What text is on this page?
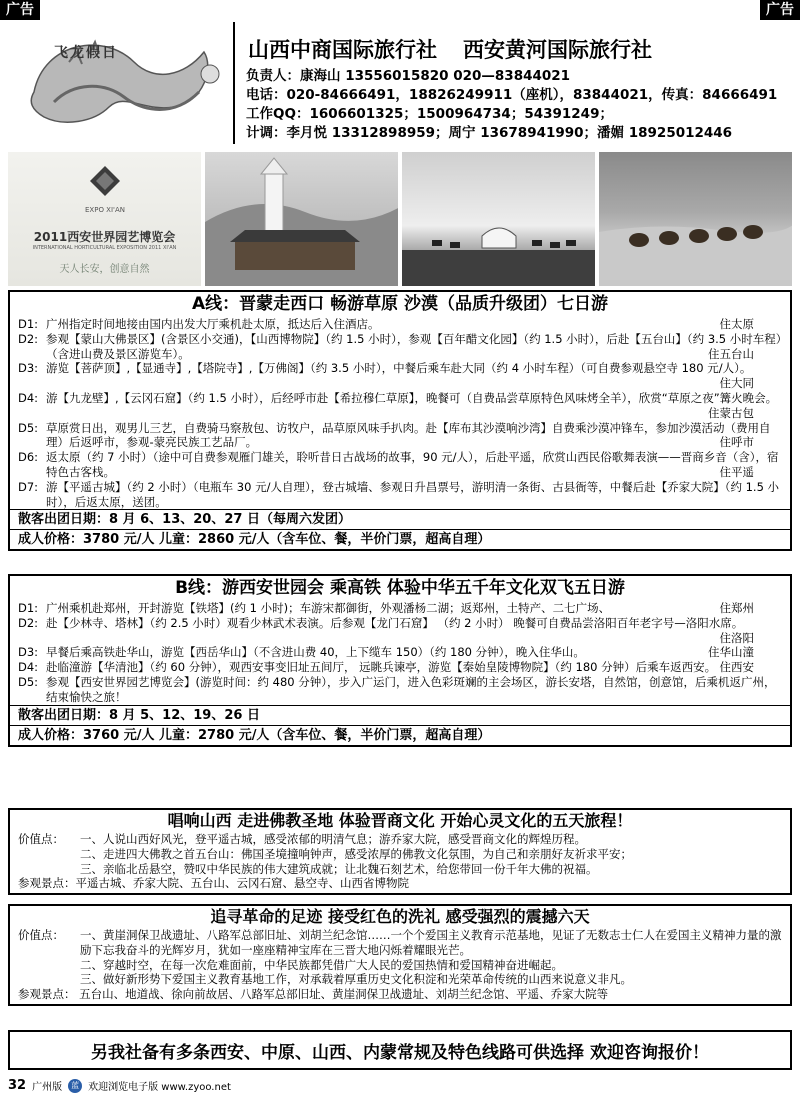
广告	广告
飞龙假日	山西中商国际旅行社 西安黄河国际旅行社
负责人：康海山 13556015820 020—83844021
电话：020-84666491，18826249911（座机），83844021，传真：84666491
工作QQ：1606601325；1500964734；54391249；
计调：李月悦 13312898959；周宁 13678941990；潘媚 18925012446
EXPO XI'AN
2011西安世界园艺博览会
INTERNATIONAL HORTICULTURAL EXPOSITION 2011 XI'AN
天人长安，创意自然
A线：晋蒙走西口 畅游草原 沙漠（品质升级团）七日游
D1: 广州指定时间地接由国内出发大厅乘机赴太原，抵达后入住酒店。	住太原
D2: 参观【蒙山大佛景区】(含景区小交通)，【山西博物院】（约 1.5 小时），参观【百年醋文化园】（约 1.5 小时），后赴【五台山】（约 3.5 小时车程）（含进山费及景区游览车）。	住五台山
D3: 游览【菩萨顶】,【显通寺】,【塔院寺】,【万佛阁】（约 3.5 小时），中餐后乘车赴大同（约 4 小时车程）（可自费参观悬空寺 180 元/人）。
住大同
D4: 游【九龙壁】,【云冈石窟】（约 1.5 小时），后经呼市赴【希拉穆仁草原】，晚餐可（自费品尝草原特色风味烤全羊），欣赏“草原之夜”篝火晚会。
住蒙古包
D5: 草原赏日出，观男儿三艺，自费骑马察敖包、访牧户，品草原风味手扒肉。赴【库布其沙漠响沙湾】自费乘沙漠冲锋车，参加沙漠活动（费用自理）后返呼市，参观-蒙亮民族工艺品厂。	住呼市
D6: 返太原（约 7 小时）（途中可自费参观雁门雄关，聆听昔日古战场的故事，90 元/人），后赴平遥，欣赏山西民俗歌舞表演——晋商乡音（含），宿特色古客栈。	住平遥
D7: 游【平遥古城】（约 2 小时）（电瓶车 30 元/人自理），登古城墙、参观日升昌票号，游明清一条街、古县衙等，中餐后赴【乔家大院】（约 1.5 小时），后返太原，送团。
散客出团日期：8 月 6、13、20、27 日（每周六发团）
成人价格：3780 元/人 儿童：2860 元/人（含车位、餐，半价门票，超高自理）
B线：游西安世园会 乘高铁 体验中华五千年文化双飞五日游
D1: 广州乘机赴郑州，开封游览【铁塔】(约 1 小时)；车游宋都御街，外观潘杨二湖；返郑州，土特产、二七广场、	住郑州
D2: 赴【少林寺、塔林】（约 2.5 小时）观看少林武术表演。后参观【龙门石窟】 （约 2 小时） 晚餐可自费品尝洛阳百年老字号—洛阳水席。
住洛阳
D3: 早餐后乘高铁赴华山，游览【西岳华山】（不含进山费 40，上下缆车 150）（约 180 分钟），晚入住华山。	住华山潼
D4: 赴临潼游【华清池】（约 60 分钟），观西安事变旧址五间厅， 远眺兵谏亭，游览【秦始皇陵博物院】（约 180 分钟）后乘车返西安。 住西安
D5: 参观【西安世界园艺博览会】(游览时间：约 480 分钟），步入广运门，进入色彩斑斓的主会场区，游长安塔，自然馆，创意馆，后乘机返广州，结束愉快之旅！
散客出团日期：8 月 5、12、19、26 日
成人价格：3760 元/人 儿童：2780 元/人（含车位、餐，半价门票，超高自理）
唱响山西 走进佛教圣地 体验晋商文化 开始心灵文化的五天旅程！
价值点：	一、人说山西好风光，登平遥古城，感受浓郁的明清气息；游乔家大院，感受晋商文化的辉煌历程。
二、走进四大佛教之首五台山：佛国圣境撞响钟声，感受浓厚的佛教文化氛围，为自己和亲朋好友祈求平安；
三、亲临北岳悬空，赞叹中华民族的伟大建筑成就；让北魏石刻艺术，给您带回一份千年大佛的祝福。
参观景点：平遥古城、乔家大院、五台山、云冈石窟、悬空寺、山西省博物院
追寻革命的足迹 接受红色的洗礼 感受强烈的震撼六天
价值点：	一、黄崖洞保卫战遗址、八路军总部旧址、刘胡兰纪念馆……一个个爱国主义教育示范基地，见证了无数志士仁人在爱国主义精神力量的激励下忘我奋斗的光辉岁月，犹如一座座精神宝库在三晋大地闪烁着耀眼光芒。
二、穿越时空，在每一次危难面前，中华民族都凭借广大人民的爱国热情和爱国精神奋进崛起。
三、做好新形势下爱国主义教育基地工作，对承载着厚重历史文化积淀和光荣革命传统的山西来说意义非凡。
参观景点： 五台山、地道战、徐向前故居、八路军总部旧址、黄崖洞保卫战遗址、刘胡兰纪念馆、平遥、乔家大院等
另我社备有多条西安、中原、山西、内蒙常规及特色线路可供选择 欢迎咨询报价！
32 广州版	蓝 欢迎浏览电子版 www.zyoo.net
